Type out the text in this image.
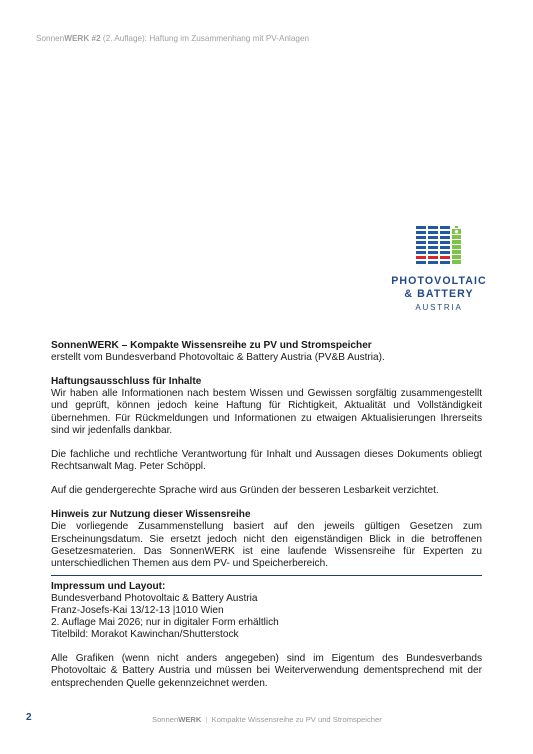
SonnenWERK #2 (2. Auflage): Haftung im Zusammenhang mit PV-Anlagen
PHOTOVOLTAIC
& BATTERY
AUSTRIA

SonnenWERK – Kompakte Wissensreihe zu PV und Stromspeicher

erstellt vom Bundesverband Photovoltaic & Battery Austria (PV&B Austria).

Haftungsausschluss für Inhalte

Wir haben alle Informationen nach bestem Wissen und Gewissen sorgfältig zusammengestellt und geprüft, können jedoch keine Haftung für Richtigkeit, Aktualität und Vollständigkeit übernehmen. Für Rückmeldungen und Informationen zu etwaigen Aktualisierungen Ihrerseits sind wir jedenfalls dankbar.

Die fachliche und rechtliche Verantwortung für Inhalt und Aussagen dieses Dokuments obliegt Rechtsanwalt Mag. Peter Schöppl.

Auf die gendergerechte Sprache wird aus Gründen der besseren Lesbarkeit verzichtet.

Hinweis zur Nutzung dieser Wissensreihe

Die vorliegende Zusammenstellung basiert auf den jeweils gültigen Gesetzen zum Erscheinungsdatum. Sie ersetzt jedoch nicht den eigenständigen Blick in die betroffenen Gesetzesmaterien. Das SonnenWERK ist eine laufende Wissensreihe für Experten zu unterschiedlichen Themen aus dem PV- und Speicherbereich.

Impressum und Layout:

Bundesverband Photovoltaic & Battery Austria

Franz-Josefs-Kai 13/12-13 |1010 Wien

2. Auflage Mai 2026; nur in digitaler Form erhältlich

Titelbild: Morakot Kawinchan/Shutterstock

Alle Grafiken (wenn nicht anders angegeben) sind im Eigentum des Bundesverbands Photovoltaic & Battery Austria und müssen bei Weiterverwendung dementsprechend mit der entsprechenden Quelle gekennzeichnet werden.

2	SonnenWERK | Kompakte Wissensreihe zu PV und Stromspeicher
